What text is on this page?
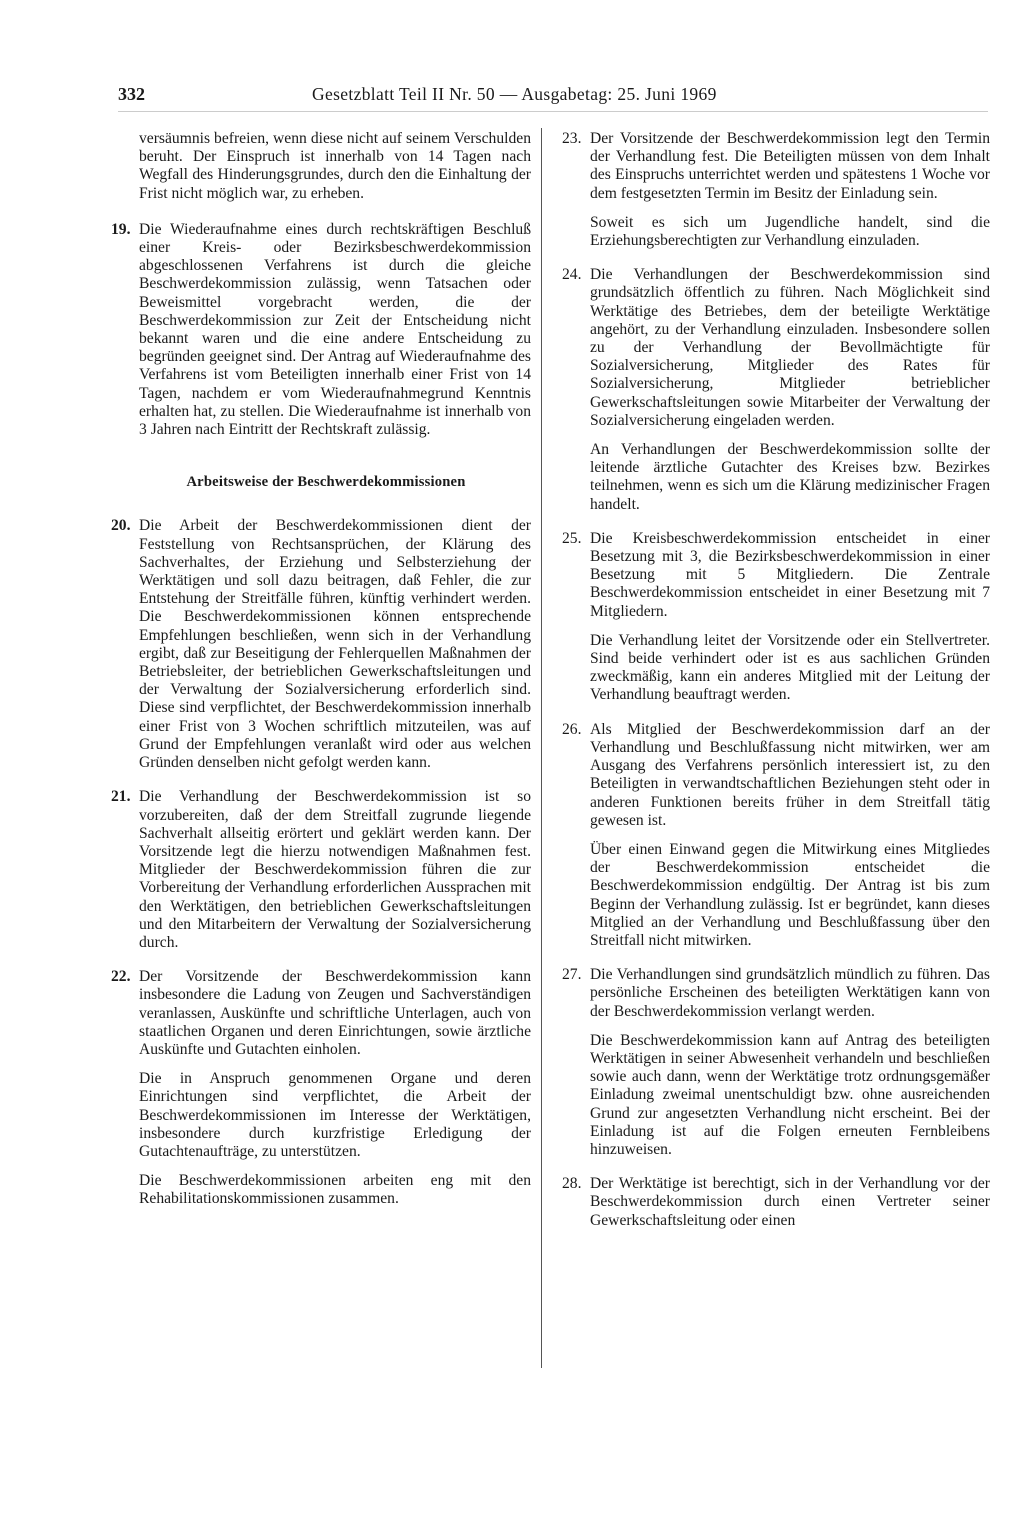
332	Gesetzblatt Teil II Nr. 50 — Ausgabetag: 25. Juni 1969
versäumnis befreien, wenn diese nicht auf seinem Verschulden beruht. Der Einspruch ist innerhalb von 14 Tagen nach Wegfall des Hinderungsgrundes, durch den die Einhaltung der Frist nicht möglich war, zu erheben.
19. Die Wiederaufnahme eines durch rechtskräftigen Beschluß einer Kreis- oder Bezirksbeschwerdekommission abgeschlossenen Verfahrens ist durch die gleiche Beschwerdekommission zulässig, wenn Tatsachen oder Beweismittel vorgebracht werden, die der Beschwerdekommission zur Zeit der Entscheidung nicht bekannt waren und die eine andere Entscheidung zu begründen geeignet sind. Der Antrag auf Wiederaufnahme des Verfahrens ist vom Beteiligten innerhalb einer Frist von 14 Tagen, nachdem er vom Wiederaufnahmegrund Kenntnis erhalten hat, zu stellen. Die Wiederaufnahme ist innerhalb von 3 Jahren nach Eintritt der Rechtskraft zulässig.
Arbeitsweise der Beschwerdekommissionen
20. Die Arbeit der Beschwerdekommissionen dient der Feststellung von Rechtsansprüchen, der Klärung des Sachverhaltes, der Erziehung und Selbsterziehung der Werktätigen und soll dazu beitragen, daß Fehler, die zur Entstehung der Streitfälle führen, künftig verhindert werden. Die Beschwerdekommissionen können entsprechende Empfehlungen beschließen, wenn sich in der Verhandlung ergibt, daß zur Beseitigung der Fehlerquellen Maßnahmen der Betriebsleiter, der betrieblichen Gewerkschaftsleitungen und der Verwaltung der Sozialversicherung erforderlich sind. Diese sind verpflichtet, der Beschwerdekommission innerhalb einer Frist von 3 Wochen schriftlich mitzuteilen, was auf Grund der Empfehlungen veranlaßt wird oder aus welchen Gründen denselben nicht gefolgt werden kann.
21. Die Verhandlung der Beschwerdekommission ist so vorzubereiten, daß der dem Streitfall zugrunde liegende Sachverhalt allseitig erörtert und geklärt werden kann. Der Vorsitzende legt die hierzu notwendigen Maßnahmen fest. Mitglieder der Beschwerdekommission führen die zur Vorbereitung der Verhandlung erforderlichen Aussprachen mit den Werktätigen, den betrieblichen Gewerkschaftsleitungen und den Mitarbeitern der Verwaltung der Sozialversicherung durch.
22. Der Vorsitzende der Beschwerdekommission kann insbesondere die Ladung von Zeugen und Sachverständigen veranlassen, Auskünfte und schriftliche Unterlagen, auch von staatlichen Organen und deren Einrichtungen, sowie ärztliche Auskünfte und Gutachten einholen.
Die in Anspruch genommenen Organe und deren Einrichtungen sind verpflichtet, die Arbeit der Beschwerdekommissionen im Interesse der Werktätigen, insbesondere durch kurzfristige Erledigung der Gutachtenaufträge, zu unterstützen.
Die Beschwerdekommissionen arbeiten eng mit den Rehabilitationskommissionen zusammen.
23. Der Vorsitzende der Beschwerdekommission legt den Termin der Verhandlung fest. Die Beteiligten müssen von dem Inhalt des Einspruchs unterrichtet werden und spätestens 1 Woche vor dem festgesetzten Termin im Besitz der Einladung sein.
Soweit es sich um Jugendliche handelt, sind die Erziehungsberechtigten zur Verhandlung einzuladen.
24. Die Verhandlungen der Beschwerdekommission sind grundsätzlich öffentlich zu führen. Nach Möglichkeit sind Werktätige des Betriebes, dem der beteiligte Werktätige angehört, zu der Verhandlung einzuladen. Insbesondere sollen zu der Verhandlung der Bevollmächtigte für Sozialversicherung, Mitglieder des Rates für Sozialversicherung, Mitglieder betrieblicher Gewerkschaftsleitungen sowie Mitarbeiter der Verwaltung der Sozialversicherung eingeladen werden.
An Verhandlungen der Beschwerdekommission sollte der leitende ärztliche Gutachter des Kreises bzw. Bezirkes teilnehmen, wenn es sich um die Klärung medizinischer Fragen handelt.
25. Die Kreisbeschwerdekommission entscheidet in einer Besetzung mit 3, die Bezirksbeschwerdekommission in einer Besetzung mit 5 Mitgliedern. Die Zentrale Beschwerdekommission entscheidet in einer Besetzung mit 7 Mitgliedern.
Die Verhandlung leitet der Vorsitzende oder ein Stellvertreter. Sind beide verhindert oder ist es aus sachlichen Gründen zweckmäßig, kann ein anderes Mitglied mit der Leitung der Verhandlung beauftragt werden.
26. Als Mitglied der Beschwerdekommission darf an der Verhandlung und Beschlußfassung nicht mitwirken, wer am Ausgang des Verfahrens persönlich interessiert ist, zu den Beteiligten in verwandtschaftlichen Beziehungen steht oder in anderen Funktionen bereits früher in dem Streitfall tätig gewesen ist.
Über einen Einwand gegen die Mitwirkung eines Mitgliedes der Beschwerdekommission entscheidet die Beschwerdekommission endgültig. Der Antrag ist bis zum Beginn der Verhandlung zulässig. Ist er begründet, kann dieses Mitglied an der Verhandlung und Beschlußfassung über den Streitfall nicht mitwirken.
27. Die Verhandlungen sind grundsätzlich mündlich zu führen. Das persönliche Erscheinen des beteiligten Werktätigen kann von der Beschwerdekommission verlangt werden.
Die Beschwerdekommission kann auf Antrag des beteiligten Werktätigen in seiner Abwesenheit verhandeln und beschließen sowie auch dann, wenn der Werktätige trotz ordnungsgemäßer Einladung zweimal unentschuldigt bzw. ohne ausreichenden Grund zur angesetzten Verhandlung nicht erscheint. Bei der Einladung ist auf die Folgen erneuten Fernbleibens hinzuweisen.
28. Der Werktätige ist berechtigt, sich in der Verhandlung vor der Beschwerdekommission durch einen Vertreter seiner Gewerkschaftsleitung oder einen
